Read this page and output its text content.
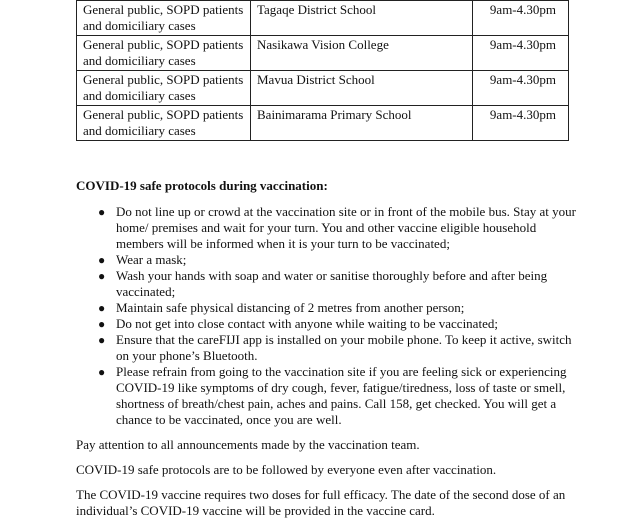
General public, SOPD patients and domiciliary cases	Tagaqe District School	9am-4.30pm
General public, SOPD patients and domiciliary cases	Nasikawa Vision College	9am-4.30pm
General public, SOPD patients and domiciliary cases	Mavua District School	9am-4.30pm
General public, SOPD patients and domiciliary cases	Bainimarama Primary School	9am-4.30pm
COVID-19 safe protocols during vaccination:
● Do not line up or crowd at the vaccination site or in front of the mobile bus. Stay at your home/ premises and wait for your turn. You and other vaccine eligible household members will be informed when it is your turn to be vaccinated;
● Wear a mask;
● Wash your hands with soap and water or sanitise thoroughly before and after being vaccinated;
● Maintain safe physical distancing of 2 metres from another person;
● Do not get into close contact with anyone while waiting to be vaccinated;
● Ensure that the careFIJI app is installed on your mobile phone. To keep it active, switch on your phone’s Bluetooth.
● Please refrain from going to the vaccination site if you are feeling sick or experiencing COVID-19 like symptoms of dry cough, fever, fatigue/tiredness, loss of taste or smell, shortness of breath/chest pain, aches and pains. Call 158, get checked. You will get a chance to be vaccinated, once you are well.

Pay attention to all announcements made by the vaccination team.

COVID-19 safe protocols are to be followed by everyone even after vaccination.

The COVID-19 vaccine requires two doses for full efficacy. The date of the second dose of an individual’s COVID-19 vaccine will be provided in the vaccine card.
